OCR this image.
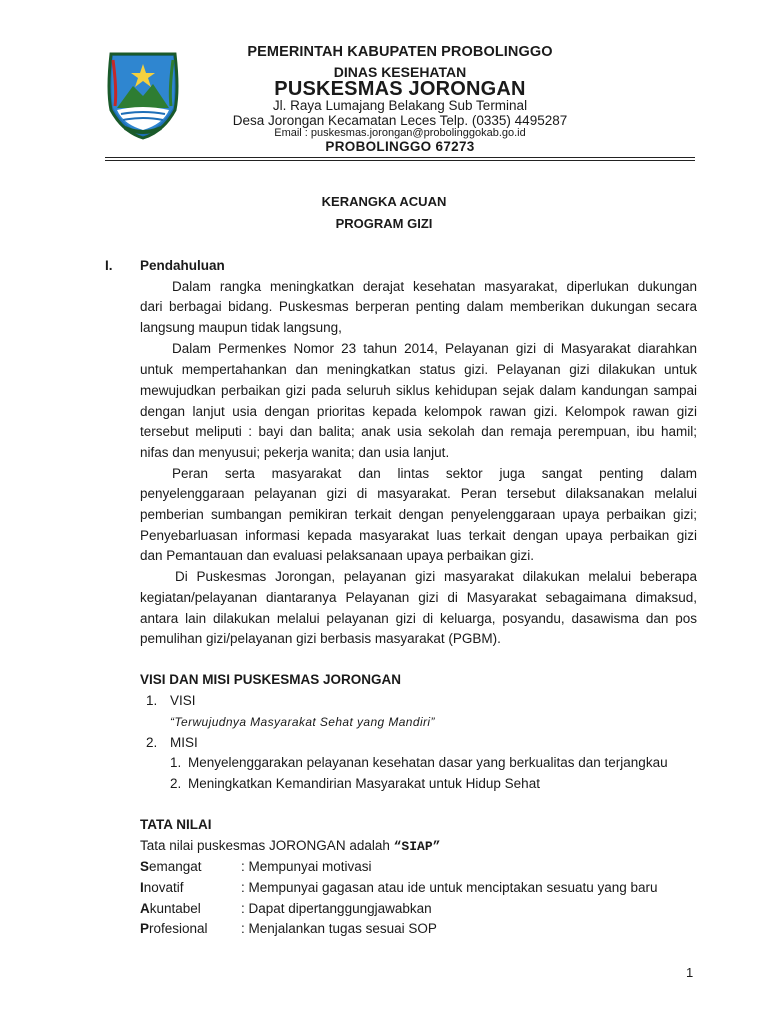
PEMERINTAH KABUPATEN PROBOLINGGO
DINAS KESEHATAN
PUSKESMAS JORONGAN
Jl. Raya Lumajang Belakang Sub Terminal
Desa Jorongan Kecamatan Leces Telp. (0335) 4495287
Email : puskesmas.jorongan@probolinggokab.go.id
PROBOLINGGO 67273
KERANGKA ACUAN
PROGRAM GIZI
I. Pendahuluan
Dalam rangka meningkatkan derajat kesehatan masyarakat, diperlukan dukungan
dari berbagai bidang. Puskesmas berperan penting dalam memberikan dukungan secara
langsung maupun tidak langsung,
Dalam Permenkes Nomor 23 tahun 2014, Pelayanan gizi di Masyarakat diarahkan
untuk mempertahankan dan meningkatkan status gizi. Pelayanan gizi dilakukan untuk
mewujudkan perbaikan gizi pada seluruh siklus kehidupan sejak dalam kandungan sampai
dengan lanjut usia dengan prioritas kepada kelompok rawan gizi. Kelompok rawan gizi
tersebut meliputi : bayi dan balita; anak usia sekolah dan remaja perempuan, ibu hamil;
nifas dan menyusui; pekerja wanita; dan usia lanjut.
Peran serta masyarakat dan lintas sektor juga sangat penting dalam
penyelenggaraan pelayanan gizi di masyarakat. Peran tersebut dilaksanakan melalui
pemberian sumbangan pemikiran terkait dengan penyelenggaraan upaya perbaikan gizi;
Penyebarluasan informasi kepada masyarakat luas terkait dengan upaya perbaikan gizi
dan Pemantauan dan evaluasi pelaksanaan upaya perbaikan gizi.
Di Puskesmas Jorongan, pelayanan gizi masyarakat dilakukan melalui beberapa
kegiatan/pelayanan diantaranya Pelayanan gizi di Masyarakat sebagaimana dimaksud,
antara lain dilakukan melalui pelayanan gizi di keluarga, posyandu, dasawisma dan pos
pemulihan gizi/pelayanan gizi berbasis masyarakat (PGBM).
VISI DAN MISI PUSKESMAS JORONGAN
1. VISI
“Terwujudnya Masyarakat Sehat yang Mandiri”
2. MISI
1. Menyelenggarakan pelayanan kesehatan dasar yang berkualitas dan terjangkau
2. Meningkatkan Kemandirian Masyarakat untuk Hidup Sehat
TATA NILAI
Tata nilai puskesmas JORONGAN adalah “SIAP”
Semangat	: Mempunyai motivasi
Inovatif	: Mempunyai gagasan atau ide untuk menciptakan sesuatu yang baru
Akuntabel	: Dapat dipertanggungjawabkan
Profesional : Menjalankan tugas sesuai SOP
1
